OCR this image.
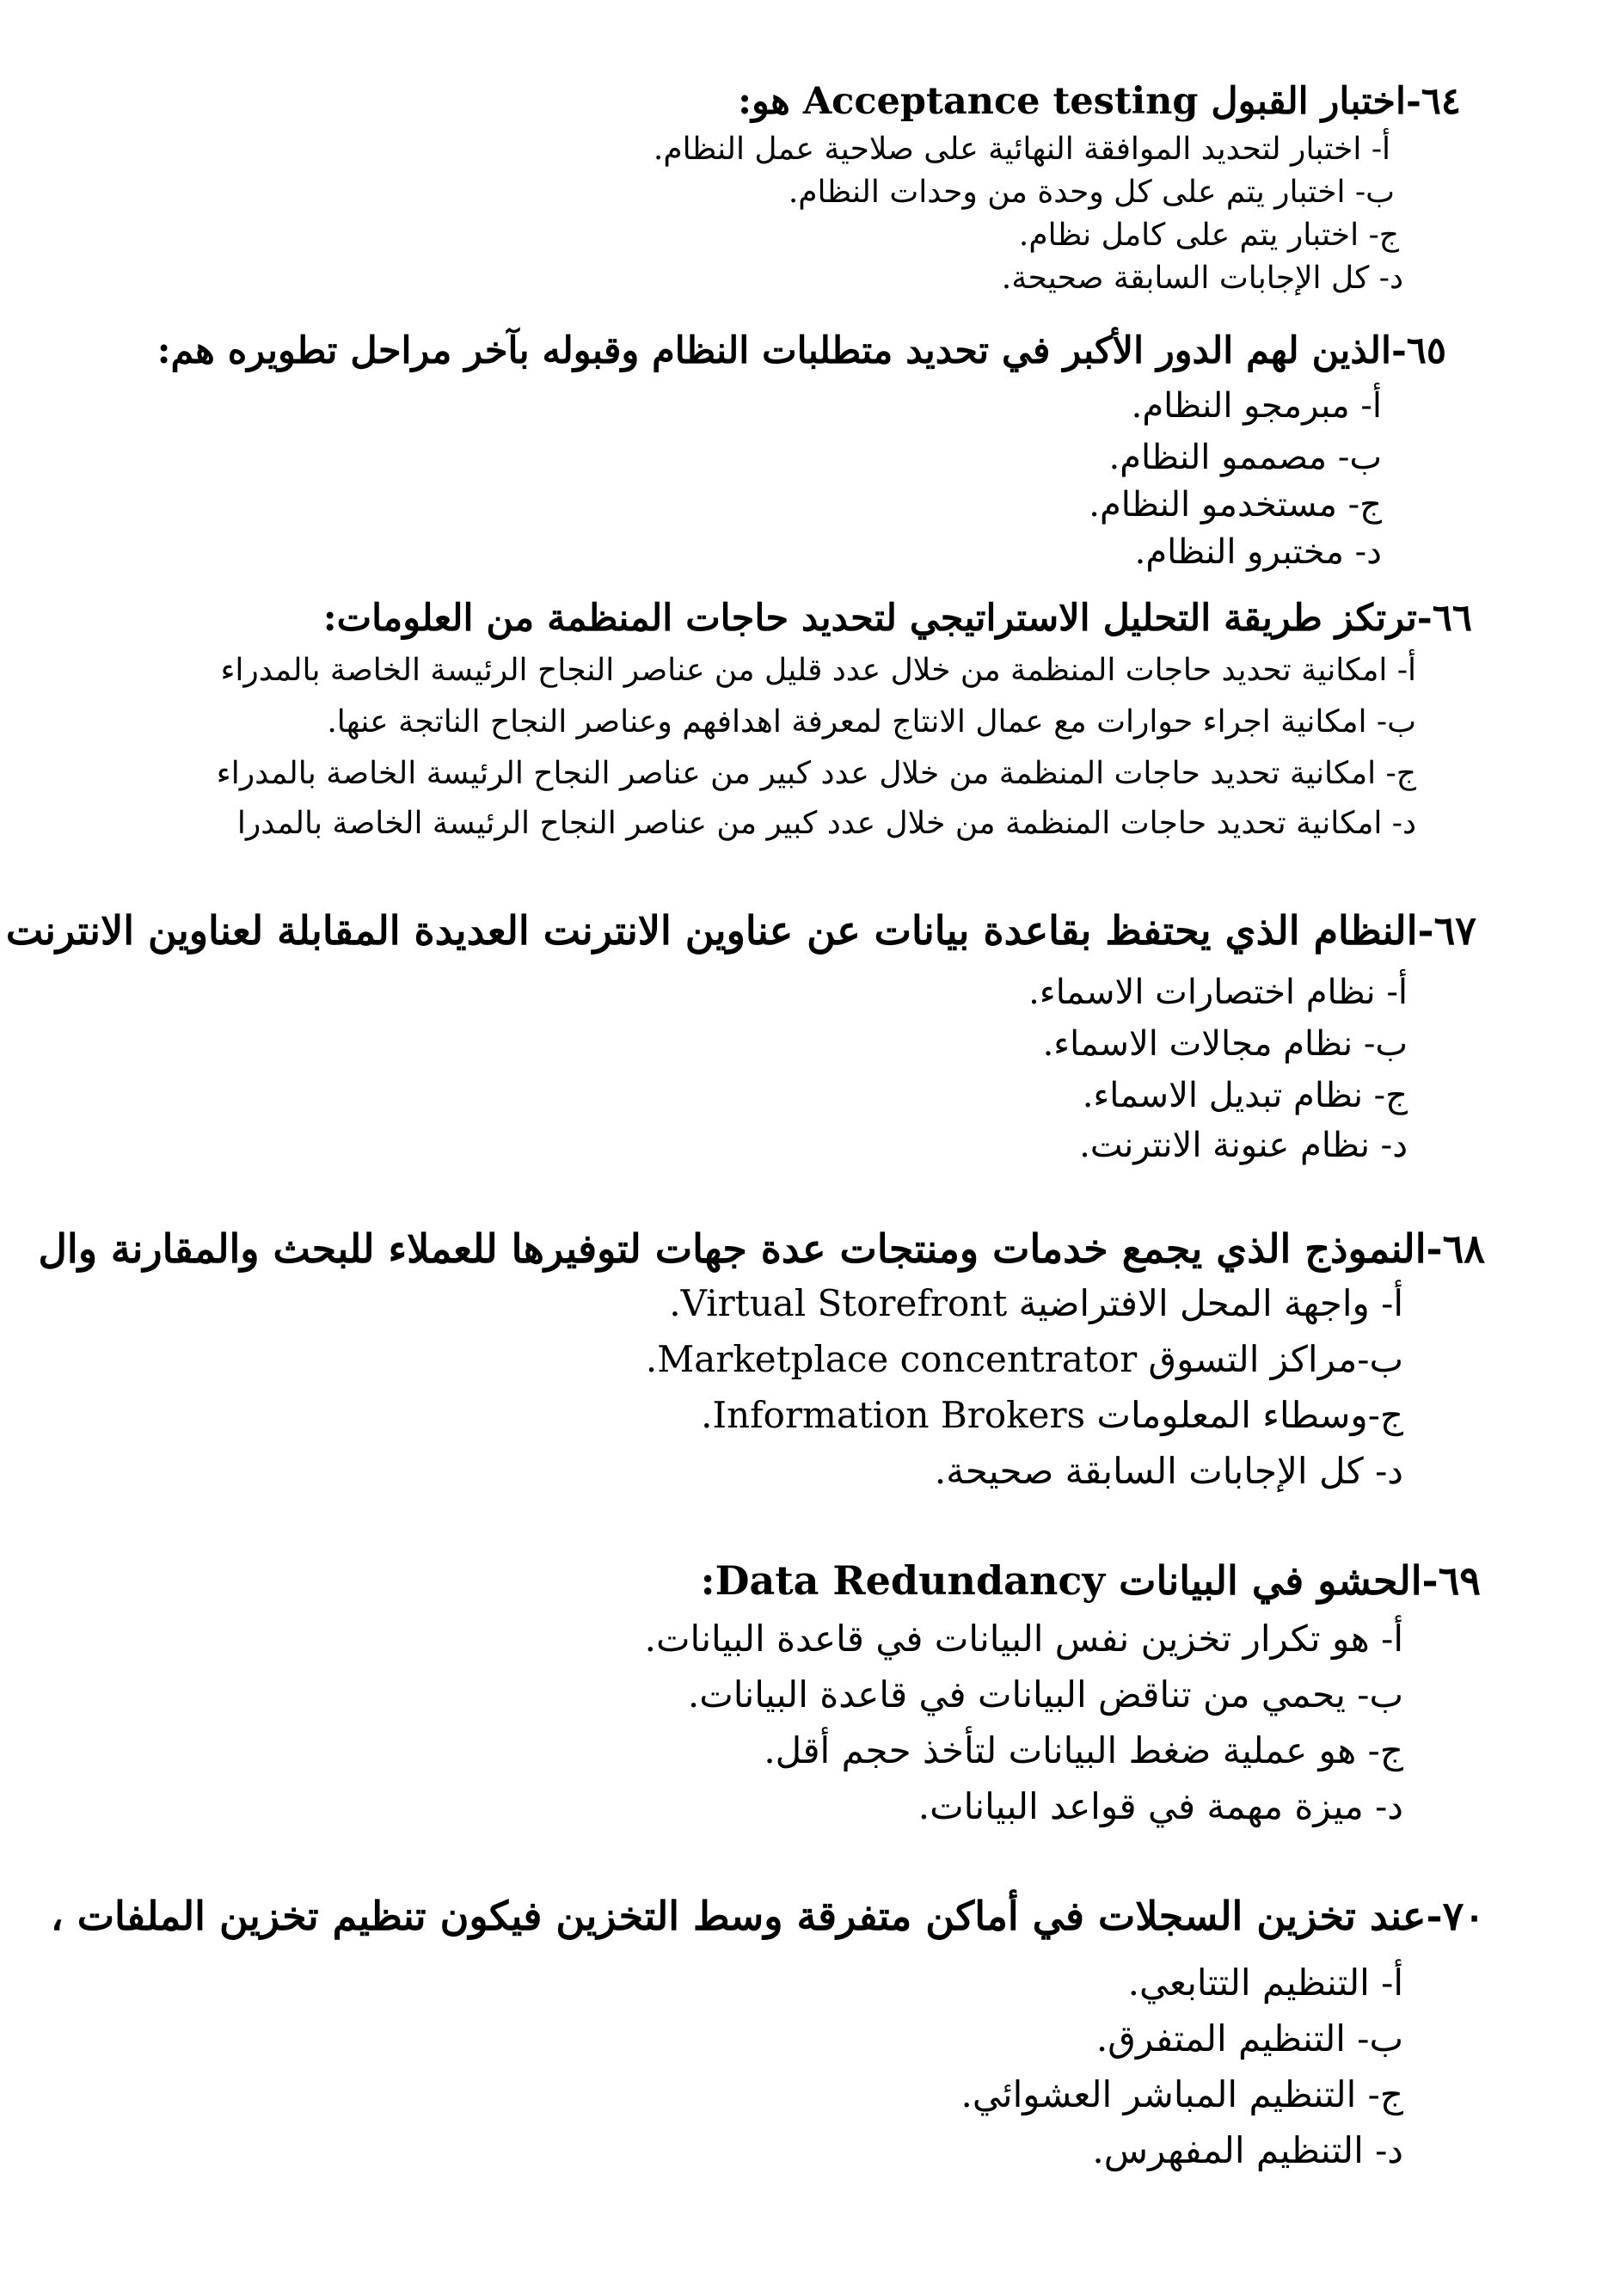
٦٤-اختبار القبول Acceptance testing هو:
أ- اختبار لتحديد الموافقة النهائية على صلاحية عمل النظام.
ب- اختبار يتم على كل وحدة من وحدات النظام.
ج- اختبار يتم على كامل نظام.
د- كل الإجابات السابقة صحيحة.
٦٥-الذين لهم الدور الأكبر في تحديد متطلبات النظام وقبوله بآخر مراحل تطويره هم:
أ- مبرمجو النظام.
ب- مصممو النظام.
ج- مستخدمو النظام.
د- مختبرو النظام.
٦٦-ترتكز طريقة التحليل الاستراتيجي لتحديد حاجات المنظمة من العلومات:
أ- امكانية تحديد حاجات المنظمة من خلال عدد قليل من عناصر النجاح الرئيسة الخاصة بالمدراء
ب- امكانية اجراء حوارات مع عمال الانتاج لمعرفة اهدافهم وعناصر النجاح الناتجة عنها.
ج- امكانية تحديد حاجات المنظمة من خلال عدد كبير من عناصر النجاح الرئيسة الخاصة بالمدراء
د- امكانية تحديد حاجات المنظمة من خلال عدد كبير من عناصر النجاح الرئيسة الخاصة بالمدرا
٦٧-النظام الذي يحتفظ بقاعدة بيانات عن عناوين الانترنت العديدة المقابلة لعناوين الانترنت
أ- نظام اختصارات الاسماء.
ب- نظام مجالات الاسماء.
ج- نظام تبديل الاسماء.
د- نظام عنونة الانترنت.
٦٨-النموذج الذي يجمع خدمات ومنتجات عدة جهات لتوفيرها للعملاء للبحث والمقارنة وال
أ- واجهة المحل الافتراضية Virtual Storefront.
ب-مراكز التسوق Marketplace concentrator.
ج-وسطاء المعلومات Information Brokers.
د- كل الإجابات السابقة صحيحة.
٦٩-الحشو في البيانات Data Redundancy:
أ- هو تكرار تخزين نفس البيانات في قاعدة البيانات.
ب- يحمي من تناقض البيانات في قاعدة البيانات.
ج- هو عملية ضغط البيانات لتأخذ حجم أقل.
د- ميزة مهمة في قواعد البيانات.
٧٠-عند تخزين السجلات في أماكن متفرقة وسط التخزين فيكون تنظيم تخزين الملفات ،
أ- التنظيم التتابعي.
ب- التنظيم المتفرق.
ج- التنظيم المباشر العشوائي.
د- التنظيم المفهرس.
